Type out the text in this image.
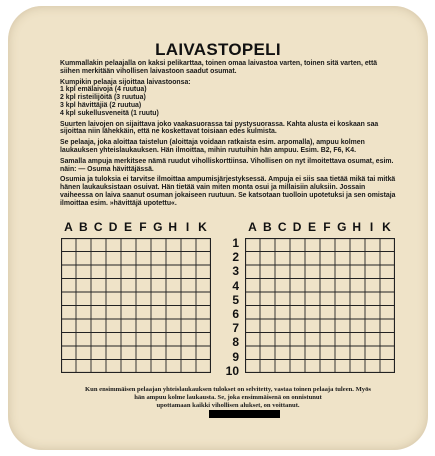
LAIVASTOPELI

Kummallakin pelaajalla on kaksi pelikarttaa, toinen omaa laivastoa varten, toinen sitä varten, että siihen merkitään vihollisen laivastoon saadut osumat.

Kumpikin pelaaja sijoittaa laivastoonsa:
1 kpl emälaivoja (4 ruutua)
2 kpl risteilijöitä (3 ruutua)
3 kpl hävittäjiä (2 ruutua)
4 kpl sukellusveneitä (1 ruutu)

Suurten laivojen on sijaittava joko vaakasuorassa tai pystysuorassa. Kahta alusta ei koskaan saa sijoittaa niin lähekkäin, että ne koskettavat toisiaan edes kulmista.

Se pelaaja, joka aloittaa taistelun (aloittaja voidaan ratkaista esim. arpomalla), ampuu kolmen laukauksen yhteislaukauksen. Hän ilmoittaa, mihin ruutuihin hän ampuu. Esim. B2, F6, K4.

Samalla ampuja merkitsee nämä ruudut viholliskorttiinsa. Vihollisen on nyt ilmoitettava osumat, esim. näin: — Osuma hävittäjässä.

Osumia ja tuloksia ei tarvitse ilmoittaa ampumisjärjestyksessä. Ampuja ei siis saa tietää mikä tai mitkä hänen laukauksistaan osuivat. Hän tietää vain miten monta osui ja millaisiin aluksiin. Jossain vaiheessa on laiva saanut osuman jokaiseen ruutuun. Se katsotaan tuolloin upotetuksi ja sen omistaja ilmoittaa esim. »hävittäjä upotettu«.

A B C D E F G H I K	A B C D E F G H I K
1
2
3
4
5
6
7
8
9
10
Kun ensimmäisen pelaajan yhteislaukauksen tulokset on selvitetty, vastaa toinen pelaaja tuleen. Myös hän ampuu kolme laukausta. Se, joka ensimmäisenä on onnistunut
upottamaan kaikki vihollisen alukset, on voittanut.
